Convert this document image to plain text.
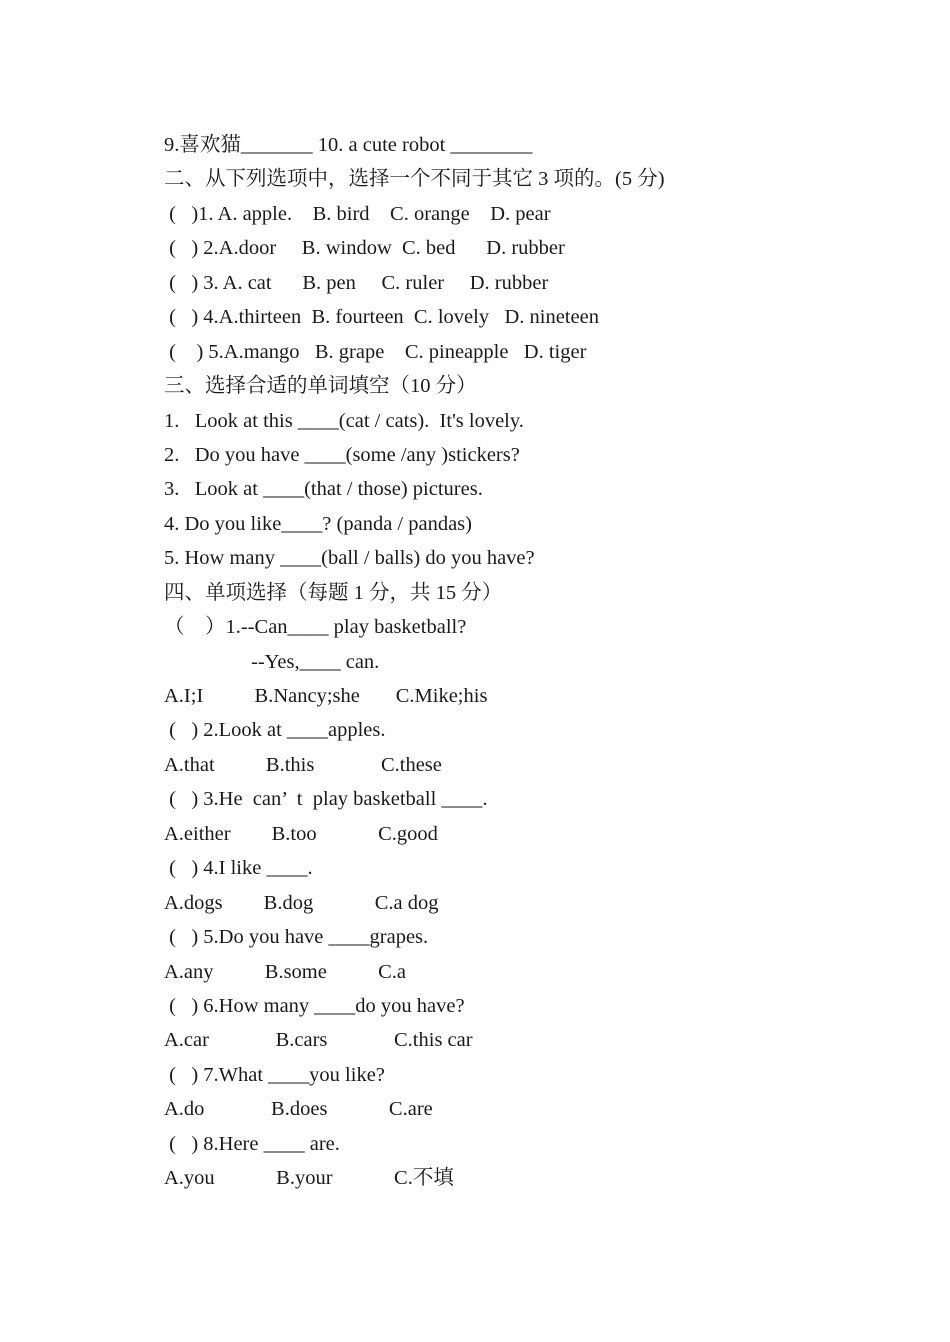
9.喜欢猫_______ 10. a cute robot ________
二、从下列选项中，选择一个不同于其它 3 项的。(5 分)
(   )1. A. apple.    B. bird    C. orange    D. pear
(   ) 2.A.door     B. window  C. bed      D. rubber
(   ) 3. A. cat      B. pen     C. ruler     D. rubber
(   ) 4.A.thirteen  B. fourteen  C. lovely   D. nineteen
(    ) 5.A.mango   B. grape    C. pineapple   D. tiger
三、选择合适的单词填空（10 分）
1.   Look at this ____(cat / cats).  It's lovely.
2.   Do you have ____(some /any )stickers?
3.   Look at ____(that / those) pictures.
4. Do you like____? (panda / pandas)
5. How many ____(ball / balls) do you have?
四、单项选择（每题 1 分，共 15 分）
（    ）1.--Can____ play basketball?
--Yes,____ can.
A.I;I          B.Nancy;she       C.Mike;his
(   ) 2.Look at ____apples.
A.that          B.this             C.these
(   ) 3.He  can’  t  play basketball ____.
A.either        B.too            C.good
(   ) 4.I like ____.
A.dogs        B.dog            C.a dog
(   ) 5.Do you have ____grapes.
A.any          B.some          C.a
(   ) 6.How many ____do you have?
A.car             B.cars             C.this car
(   ) 7.What ____you like?
A.do             B.does            C.are
(   ) 8.Here ____ are.
A.you            B.your            C.不填
